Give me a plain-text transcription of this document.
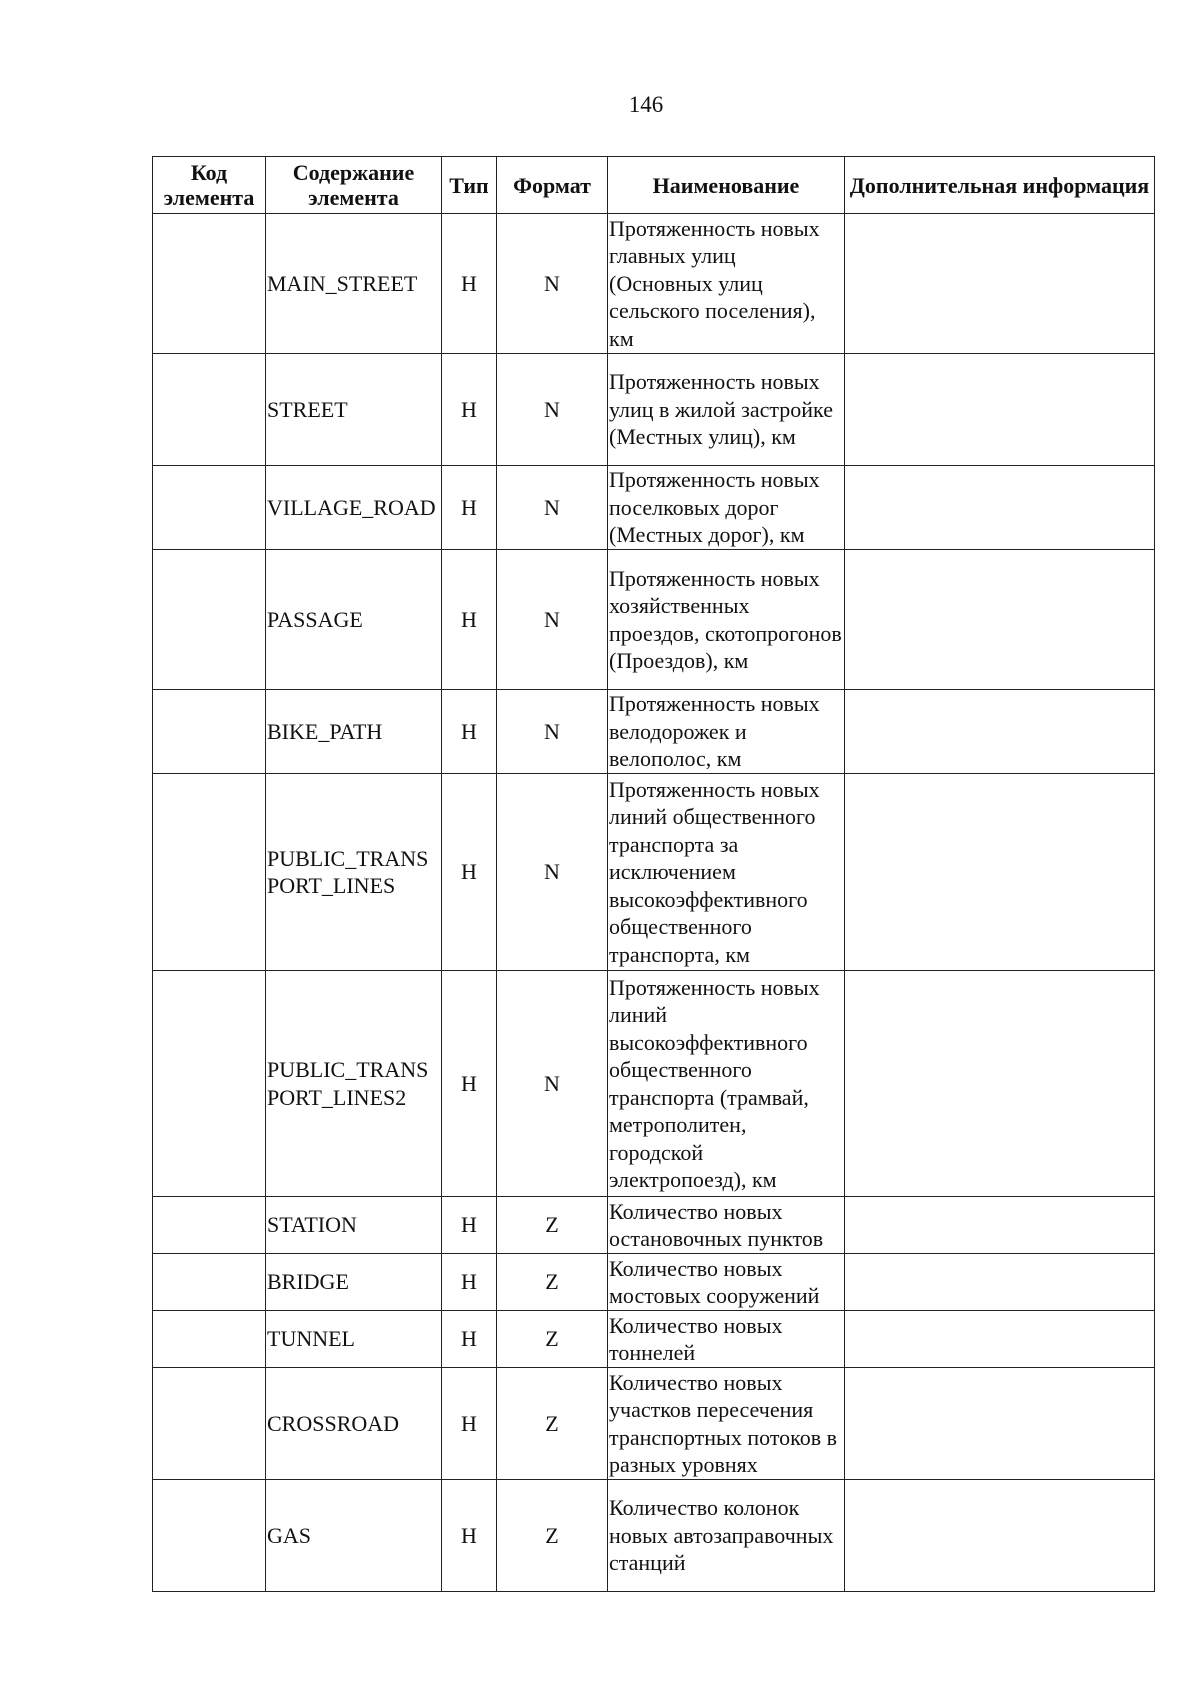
146
Код элемента	Содержание элемента	Тип	Формат	Наименование	Дополнительная информация
	MAIN_STREET	H	N	Протяженность новых главных улиц (Основных улиц сельского поселения), км	
	STREET	H	N	Протяженность новых улиц в жилой застройке (Местных улиц), км	
	VILLAGE_ROAD	H	N	Протяженность новых поселковых дорог (Местных дорог), км	
	PASSAGE	H	N	Протяженность новых хозяйственных проездов, скотопрогонов (Проездов), км	
	BIKE_PATH	H	N	Протяженность новых велодорожек и велополос, км	
	PUBLIC_TRANSPORT_LINES	H	N	Протяженность новых линий общественного транспорта за исключением высокоэффективного общественного транспорта, км	
	PUBLIC_TRANSPORT_LINES2	H	N	Протяженность новых линий высокоэффективного общественного транспорта (трамвай, метрополитен, городской электропоезд), км	
	STATION	H	Z	Количество новых остановочных пунктов	
	BRIDGE	H	Z	Количество новых мостовых сооружений	
	TUNNEL	H	Z	Количество новых тоннелей	
	CROSSROAD	H	Z	Количество новых участков пересечения транспортных потоков в разных уровнях	
	GAS	H	Z	Количество колонок новых автозаправочных станций	
